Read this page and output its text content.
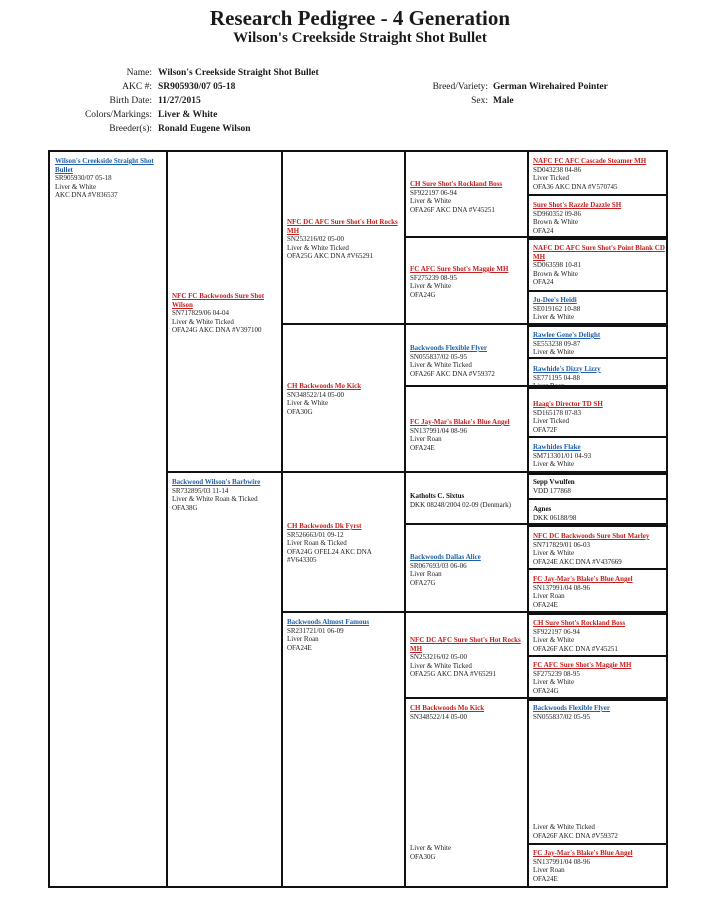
Research Pedigree - 4 Generation
Wilson's Creekside Straight Shot Bullet
Name: Wilson's Creekside Straight Shot Bullet
AKC #: SR905930/07 05-18
Birth Date: 11/27/2015
Colors/Markings: Liver & White
Breeder(s): Ronald Eugene Wilson
Breed/Variety: German Wirehaired Pointer
Sex: Male
Wilson's Creekside Straight Shot Bullet
SR905930/07 05-18
Liver & White
AKC DNA #V836537
NFC FC Backwoods Sure Shot Wilson
SN717829/06 04-04
Liver & White Ticked
OFA24G AKC DNA #V397100
Backwood Wilson's Barbwire
SR732895/03 11-14
Liver & White Roan & Ticked
OFA38G
NFC DC AFC Sure Shot's Hot Rocks MH
SN253216/02 05-00
Liver & White Ticked
OFA25G AKC DNA #V65291
CH Backwoods Mo Kick
SN348522/14 05-00
Liver & White
OFA30G
CH Backwoods Dk Fyrst
SR526663/01 09-12
Liver Roan & Ticked
OFA24G OFEL24 AKC DNA
#V643305
Backwoods Almost Famous
SR231721/01 06-09
Liver Roan
OFA24E
CH Sure Shot's Rockland Boss
SF922197 06-94
Liver & White
OFA26F AKC DNA #V45251
FC AFC Sure Shot's Maggie MH
SF275239 08-95
Liver & White
OFA24G
Backwoods Flexible Flyer
SN055837/02 05-95
Liver & White Ticked
OFA26F AKC DNA #V59372
FC Jay-Mar's Blake's Blue Angel
SN137991/04 08-96
Liver Roan
OFA24E
Katholts C. Sixtus
DKK 08248/2004 02-09 (Denmark)
Backwoods Dallas Alice
SR067693/03 06-06
Liver Roan
OFA27G
NFC DC AFC Sure Shot's Hot Rocks MH
SN253216/02 05-00
Liver & White Ticked
OFA25G AKC DNA #V65291
CH Backwoods Mo Kick
SN348522/14 05-00
Liver & White
OFA30G
NAFC FC AFC Cascade Steamer MH
SD043238 04-86
Liver Ticked
OFA36 AKC DNA #V570745
Sure Shot's Razzle Dazzle SH
SD960352 09-86
Brown & White
OFA24
NAFC DC AFC Sure Shot's Point Blank CD MH
SD063598 10-81
Brown & White
OFA24
Ju-Dee's Heidi
SE019162 10-88
Liver & White
Rawlee Gene's Delight
SE553238 09-87
Liver & White
Rawhide's Dizzy Lizzy
SE771195 04-88
Liver Roan
Haag's Director TD SH
SD165178 07-83
Liver Ticked
OFA72F
Rawhides Flake
SM713301/01 04-93
Liver & White
Sepp Vwulfen
VDD 177868
Agnes
DKK 06188/98
NFC DC Backwoods Sure Shot Marley
SN717829/01 06-03
Liver & White
OFA24E AKC DNA #V437669
FC Jay-Mar's Blake's Blue Angel
SN137991/04 08-96
Liver Roan
OFA24E
CH Sure Shot's Rockland Boss
SF922197 06-94
Liver & White
OFA26F AKC DNA #V45251
FC AFC Sure Shot's Maggie MH
SF275239 08-95
Liver & White
OFA24G
Backwoods Flexible Flyer
SN055837/02 05-95
Liver & White Ticked
OFA26F AKC DNA #V59372
FC Jay-Mar's Blake's Blue Angel
SN137991/04 08-96
Liver Roan
OFA24E
